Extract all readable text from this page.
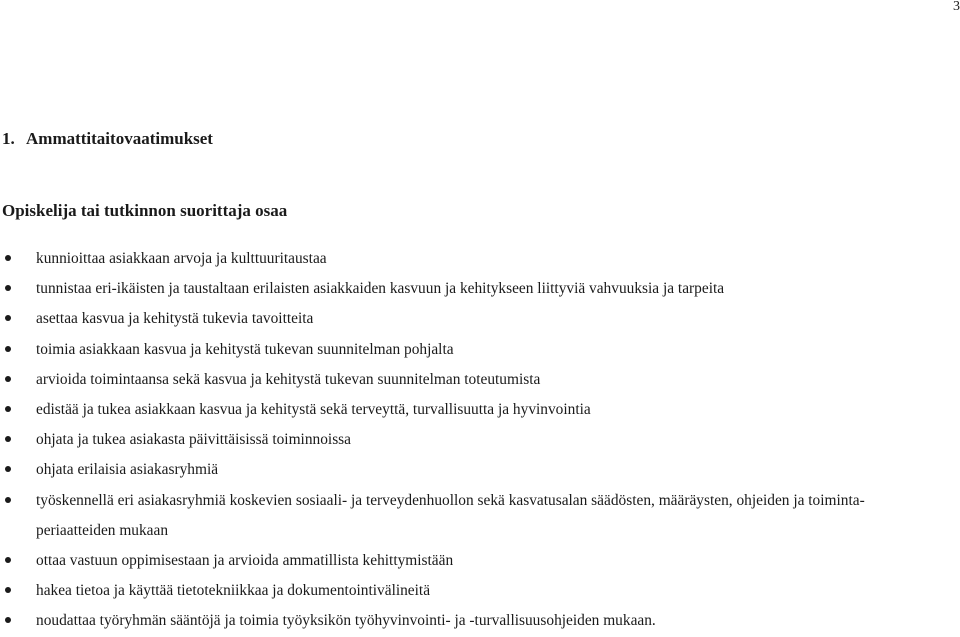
3
1. Ammattitaitovaatimukset
Opiskelija tai tutkinnon suorittaja osaa
kunnioittaa asiakkaan arvoja ja kulttuuritaustaa
tunnistaa eri-ikäisten ja taustaltaan erilaisten asiakkaiden kasvuun ja kehitykseen liittyviä vahvuuksia ja tarpeita
asettaa kasvua ja kehitystä tukevia tavoitteita
toimia asiakkaan kasvua ja kehitystä tukevan suunnitelman pohjalta
arvioida toimintaansa sekä kasvua ja kehitystä tukevan suunnitelman toteutumista
edistää ja tukea asiakkaan kasvua ja kehitystä sekä terveyttä, turvallisuutta ja hyvinvointia
ohjata ja tukea asiakasta päivittäisissä toiminnoissa
ohjata erilaisia asiakasryhmiä
työskennellä eri asiakasryhmiä koskevien sosiaali- ja terveydenhuollon sekä kasvatusalan säädösten, määräysten, ohjeiden ja toiminta-
periaatteiden mukaan
ottaa vastuun oppimisestaan ja arvioida ammatillista kehittymistään
hakea tietoa ja käyttää tietotekniikkaa ja dokumentointivälineitä
noudattaa työryhmän sääntöjä ja toimia työyksikön työhyvinvointi- ja -turvallisuusohjeiden mukaan.
